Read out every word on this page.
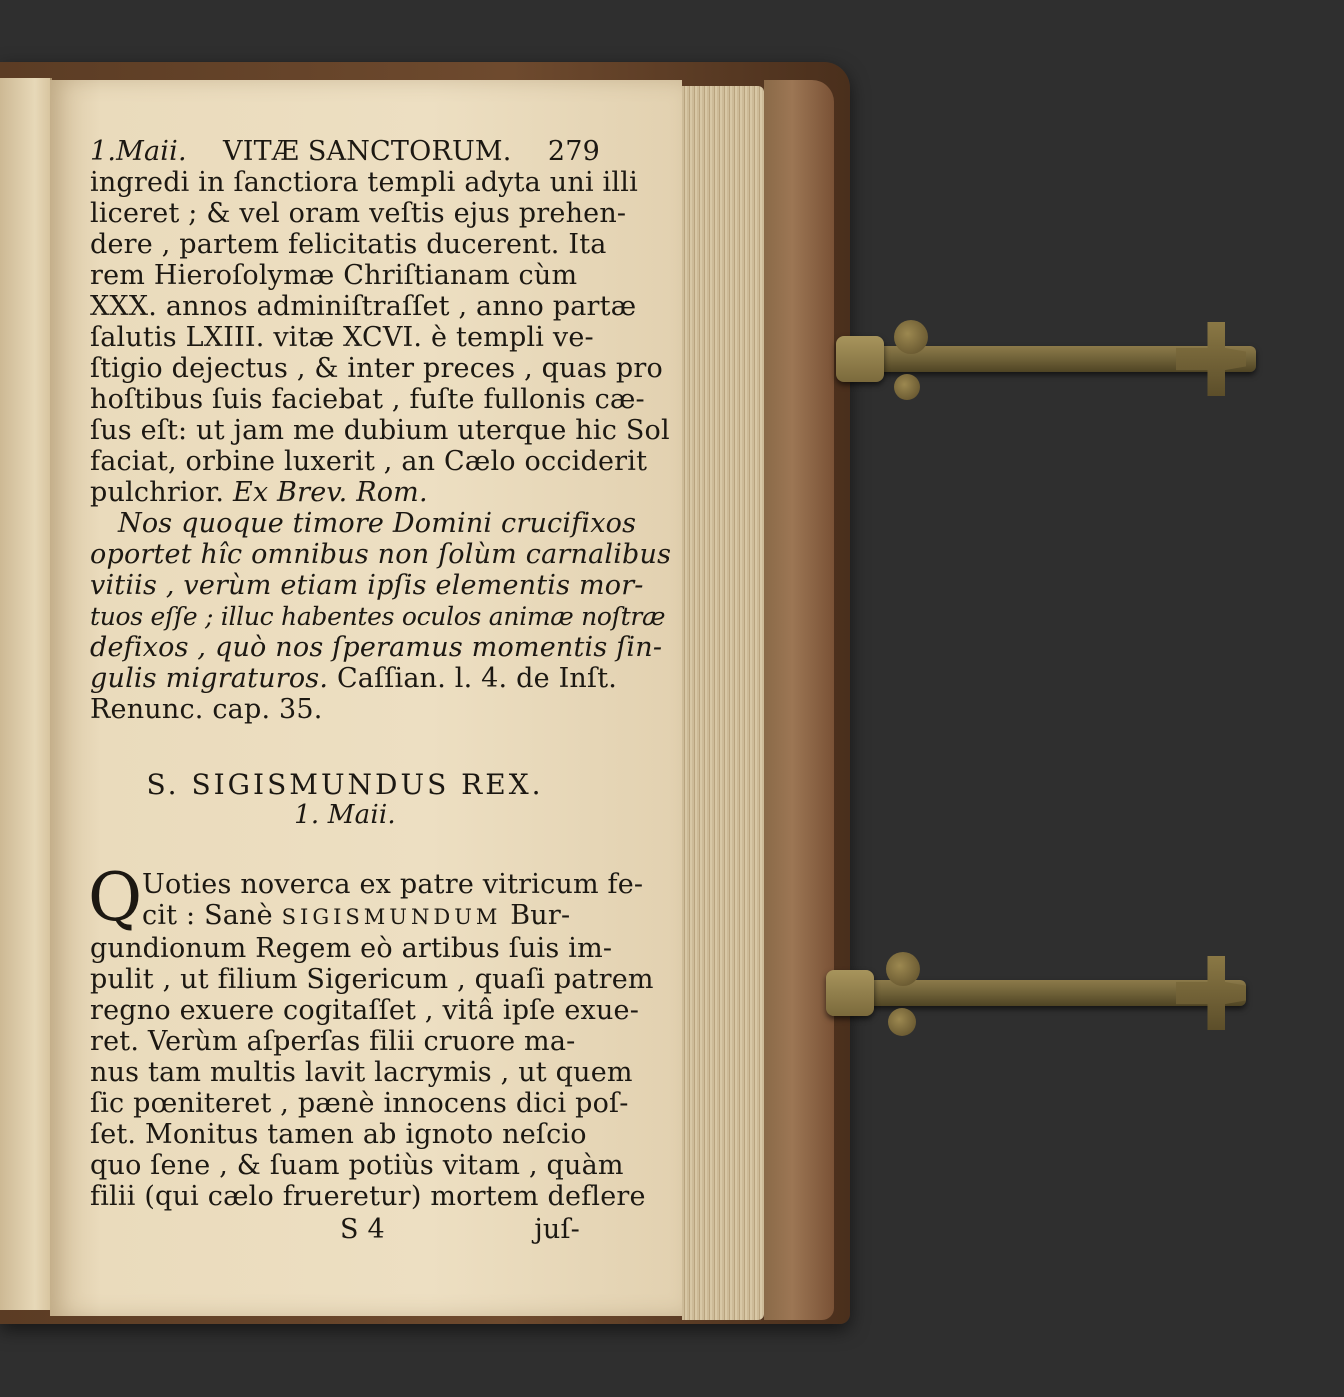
1.Maii. VITÆ SANCTORUM. 279
ingredi in ſanctiora templi adyta uni illi
liceret ; & vel oram veſtis ejus prehen-
dere , partem felicitatis ducerent. Ita
rem Hieroſolymæ Chriſtianam cùm
XXX. annos adminiſtraſſet , anno partæ
ſalutis LXIII. vitæ XCVI. è templi ve-
ſtigio dejectus , & inter preces , quas pro
hoſtibus ſuis faciebat , fuſte fullonis cæ-
ſus eſt: ut jam me dubium uterque hic Sol
faciat, orbine luxerit , an Cælo occiderit
pulchrior. Ex Brev. Rom.
Nos quoque timore Domini crucifixos
oportet hîc omnibus non ſolùm carnalibus
vitiis , verùm etiam ipſis elementis mor-
tuos eſſe ; illuc habentes oculos animæ noſtræ
defixos , quò nos ſperamus momentis ſin-
gulis migraturos. Caſſian. l. 4. de Inſt.
Renunc. cap. 35.
S. SIGISMUNDUS REX.
1. Maii.
Q Uoties noverca ex patre vitricum fe-
cit : Sanè SIGISMUNDUM Bur-
gundionum Regem eò artibus ſuis im-
pulit , ut filium Sigericum , quaſi patrem
regno exuere cogitaſſet , vitâ ipſe exue-
ret. Verùm aſperſas filii cruore ma-
nus tam multis lavit lacrymis , ut quem
ſic pœniteret , pænè innocens dici poſ-
ſet. Monitus tamen ab ignoto neſcio
quo ſene , & ſuam potiùs vitam , quàm
filii (qui cælo frueretur) mortem deflere
S 4	juſ-
